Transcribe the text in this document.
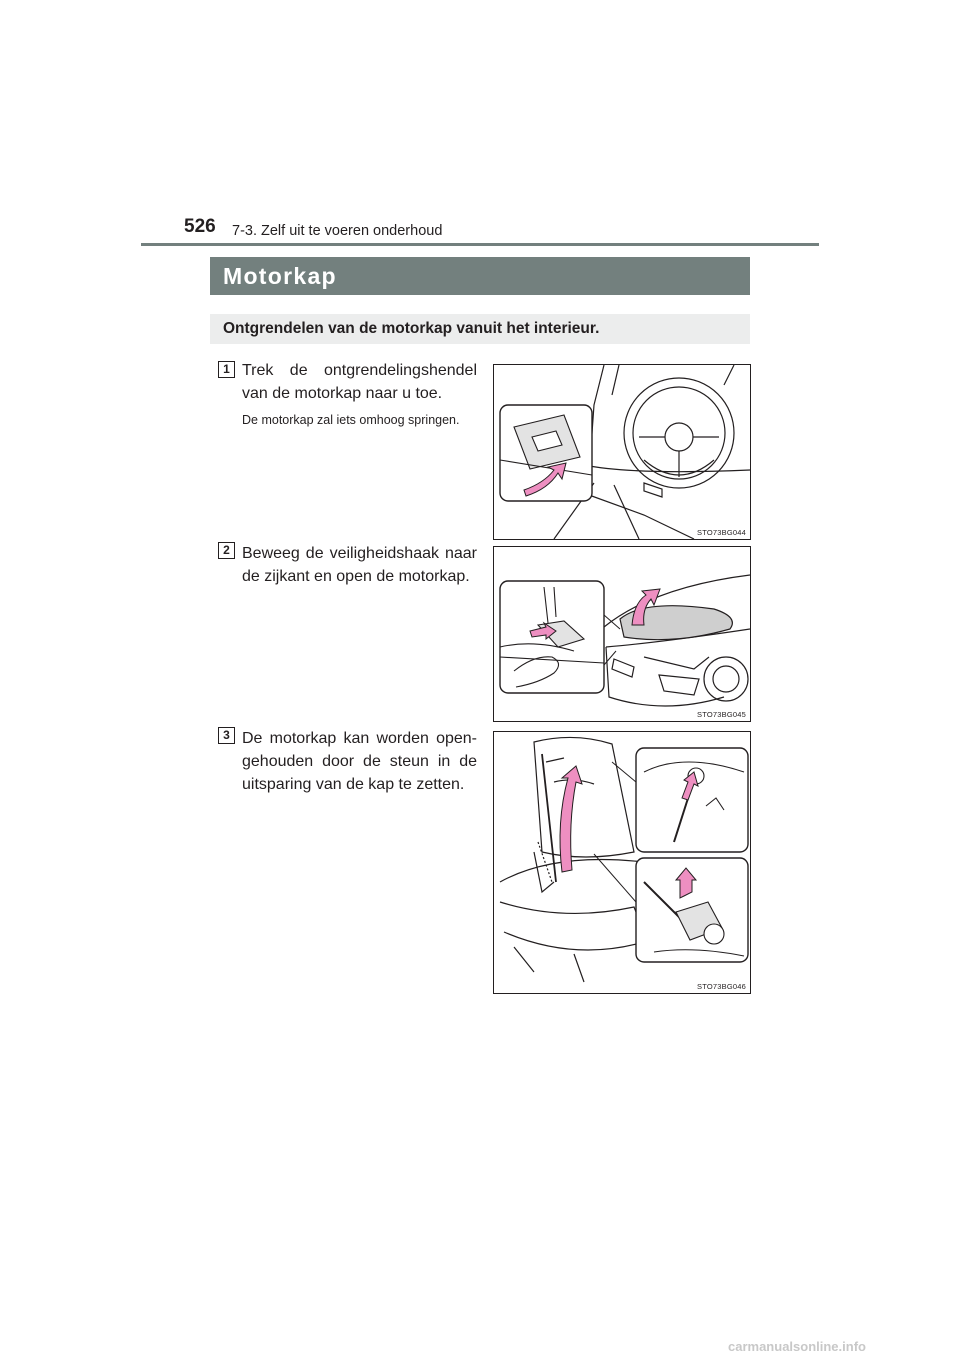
526 7-3. Zelf uit te voeren onderhoud
Motorkap
Ontgrendelen van de motorkap vanuit het interieur.
1 Trek de ontgrendelingshendel van de motorkap naar u toe.
De motorkap zal iets omhoog springen.
STO73BG044
2 Beweeg de veiligheidshaak naar de zijkant en open de motorkap.
STO73BG045
3 De motorkap kan worden open-gehouden door de steun in de uitsparing van de kap te zetten.
STO73BG046
carmanualsonline.info
